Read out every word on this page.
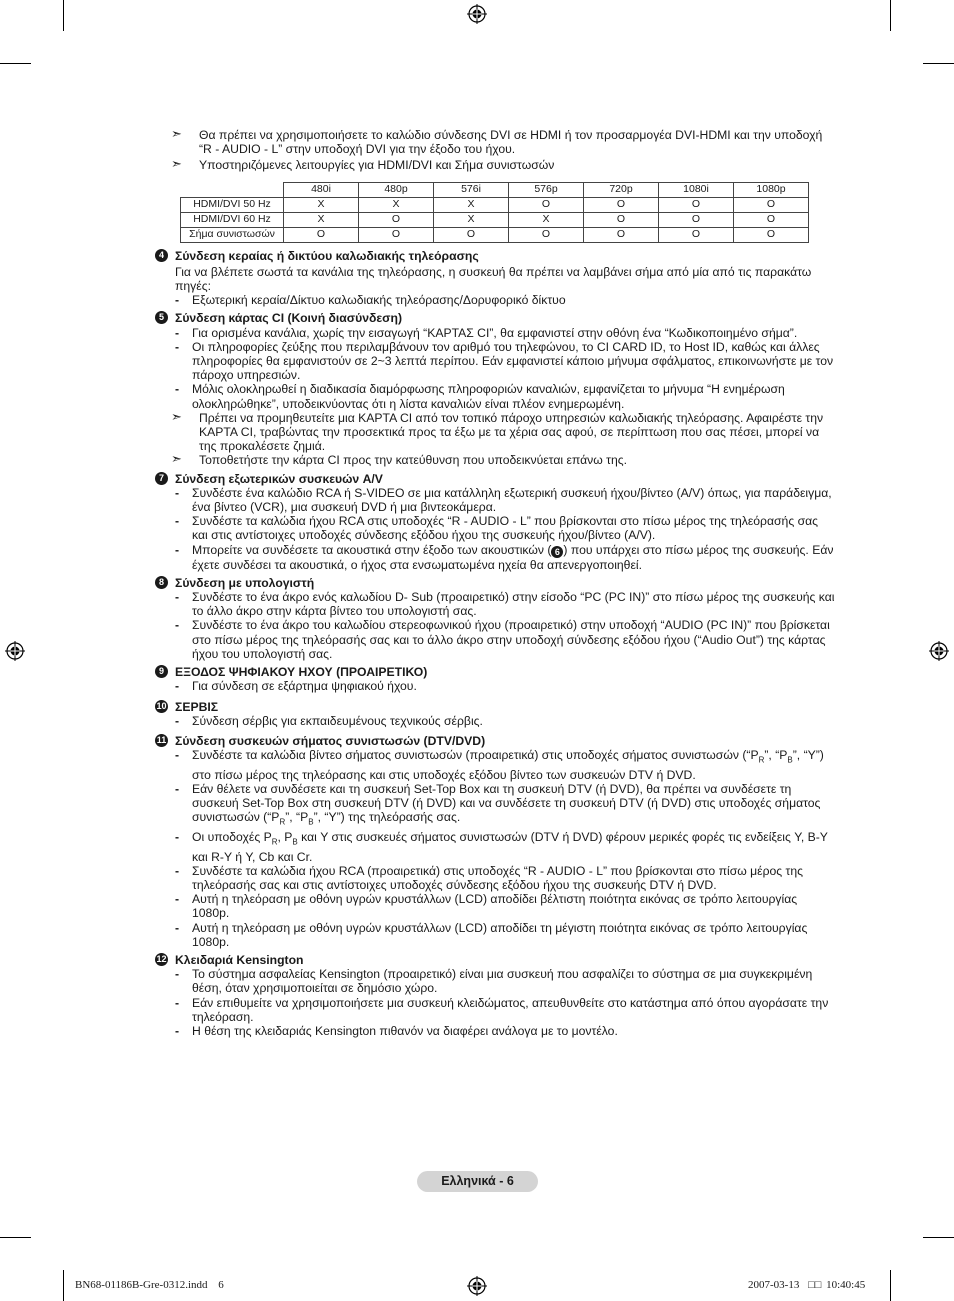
➣ Θα πρέπει να χρησιμοποιήσετε το καλώδιο σύνδεσης DVI σε HDMI ή τον προσαρμογέα DVI-HDMI και την υποδοχή “R - AUDIO - L” στην υποδοχή DVI για την έξοδο του ήχου.
➣ Υποστηριζόμενες λειτουργίες για HDMI/DVI και Σήμα συνιστωσών
	480i	480p	576i	576p	720p	1080i	1080p
HDMI/DVI 50 Hz	X	X	X	O	O	O	O
HDMI/DVI 60 Hz	X	O	X	X	O	O	O
Σήμα συνιστωσών	O	O	O	O	O	O	O
4 Σύνδεση κεραίας ή δικτύου καλωδιακής τηλεόρασης
Για να βλέπετε σωστά τα κανάλια της τηλεόρασης, η συσκευή θα πρέπει να λαμβάνει σήμα από μία από τις παρακάτω πηγές:
- Εξωτερική κεραία/Δίκτυο καλωδιακής τηλεόρασης/Δορυφορικό δίκτυο
5 Σύνδεση κάρτας CI (Κοινή διασύνδεση)
- Για ορισμένα κανάλια, χωρίς την εισαγωγή “ΚΑΡΤΑΣ CI”, θα εμφανιστεί στην οθόνη ένα “Κωδικοποιημένο σήμα”.
- Οι πληροφορίες ζεύξης που περιλαμβάνουν τον αριθμό του τηλεφώνου, το CI CARD ID, το Host ID, καθώς και άλλες πληροφορίες θα εμφανιστούν σε 2~3 λεπτά περίπου. Εάν εμφανιστεί κάποιο μήνυμα σφάλματος, επικοινωνήστε με τον πάροχο υπηρεσιών.
- Μόλις ολοκληρωθεί η διαδικασία διαμόρφωσης πληροφοριών καναλιών, εμφανίζεται το μήνυμα “Η ενημέρωση ολοκληρώθηκε”, υποδεικνύοντας ότι η λίστα καναλιών είναι πλέον ενημερωμένη.
➣ Πρέπει να προμηθευτείτε μια ΚΑΡΤΑ CI από τον τοπικό πάροχο υπηρεσιών καλωδιακής τηλεόρασης. Αφαιρέστε την ΚΑΡΤΑ CI, τραβώντας την προσεκτικά προς τα έξω με τα χέρια σας αφού, σε περίπτωση που σας πέσει, μπορεί να της προκαλέσετε ζημιά.
➣ Τοποθετήστε την κάρτα CI προς την κατεύθυνση που υποδεικνύεται επάνω της.
7 Σύνδεση εξωτερικών συσκευών A/V
- Συνδέστε ένα καλώδιο RCA ή S-VIDEO σε μια κατάλληλη εξωτερική συσκευή ήχου/βίντεο (A/V) όπως, για παράδειγμα, ένα βίντεο (VCR), μια συσκευή DVD ή μια βιντεοκάμερα.
- Συνδέστε τα καλώδια ήχου RCA στις υποδοχές “R - AUDIO - L” που βρίσκονται στο πίσω μέρος της τηλεόρασής σας και στις αντίστοιχες υποδοχές σύνδεσης εξόδου ήχου της συσκευής ήχου/βίντεο (A/V).
- Μπορείτε να συνδέσετε τα ακουστικά στην έξοδο των ακουστικών ( 6 ) που υπάρχει στο πίσω μέρος της συσκευής. Εάν έχετε συνδέσει τα ακουστικά, ο ήχος στα ενσωματωμένα ηχεία θα απενεργοποιηθεί.
8 Σύνδεση με υπολογιστή
- Συνδέστε το ένα άκρο ενός καλωδίου D- Sub (προαιρετικό) στην είσοδο “PC (PC IN)” στο πίσω μέρος της συσκευής και το άλλο άκρο στην κάρτα βίντεο του υπολογιστή σας.
- Συνδέστε το ένα άκρο του καλωδίου στερεοφωνικού ήχου (προαιρετικό) στην υποδοχή “AUDIO (PC IN)” που βρίσκεται στο πίσω μέρος της τηλεόρασής σας και το άλλο άκρο στην υποδοχή σύνδεσης εξόδου ήχου (“Audio Out”) της κάρτας ήχου του υπολογιστή σας.
9 ΕΞΟΔΟΣ ΨΗΦΙΑΚΟΥ ΗΧΟΥ (ΠΡΟΑΙΡΕΤΙΚΟ)
- Για σύνδεση σε εξάρτημα ψηφιακού ήχου.
10 ΣΕΡΒΙΣ
- Σύνδεση σέρβις για εκπαιδευμένους τεχνικούς σέρβις.
11 Σύνδεση συσκευών σήματος συνιστωσών (DTV/DVD)
- Συνδέστε τα καλώδια βίντεο σήματος συνιστωσών (προαιρετικά) στις υποδοχές σήματος συνιστωσών (“$P_R$”, “$P_B$”, “Y”) στο πίσω μέρος της τηλεόρασης και στις υποδοχές εξόδου βίντεο των συσκευών DTV ή DVD.
- Εάν θέλετε να συνδέσετε και τη συσκευή Set-Top Box και τη συσκευή DTV (ή DVD), θα πρέπει να συνδέσετε τη συσκευή Set-Top Box στη συσκευή DTV (ή DVD) και να συνδέσετε τη συσκευή DTV (ή DVD) στις υποδοχές σήματος συνιστωσών (“$P_R$”, “$P_B$”, “Y”) της τηλεόρασής σας.
- Οι υποδοχές $P_R$, $P_B$ και Y στις συσκευές σήματος συνιστωσών (DTV ή DVD) φέρουν μερικές φορές τις ενδείξεις Y, B-Y και R-Y ή Y, Cb και Cr.
- Συνδέστε τα καλώδια ήχου RCA (προαιρετικά) στις υποδοχές “R - AUDIO - L” που βρίσκονται στο πίσω μέρος της τηλεόρασής σας και στις αντίστοιχες υποδοχές σύνδεσης εξόδου ήχου της συσκευής DTV ή DVD.
- Αυτή η τηλεόραση με οθόνη υγρών κρυστάλλων (LCD) αποδίδει βέλτιστη ποιότητα εικόνας σε τρόπο λειτουργίας 1080p.
- Αυτή η τηλεόραση με οθόνη υγρών κρυστάλλων (LCD) αποδίδει τη μέγιστη ποιότητα εικόνας σε τρόπο λειτουργίας 1080p.
12 Κλειδαριά Kensington
- Το σύστημα ασφαλείας Kensington (προαιρετικό) είναι μια συσκευή που ασφαλίζει το σύστημα σε μια συγκεκριμένη θέση, όταν χρησιμοποιείται σε δημόσιο χώρο.
- Εάν επιθυμείτε να χρησιμοποιήσετε μια συσκευή κλειδώματος, απευθυνθείτε στο κατάστημα από όπου αγοράσατε την τηλεόραση.
- Η θέση της κλειδαριάς Kensington πιθανόν να διαφέρει ανάλογα με το μοντέλο.
Ελληνικά - 6
BN68-01186B-Gre-0312.indd 6	2007-03-13 □□ 10:40:45
